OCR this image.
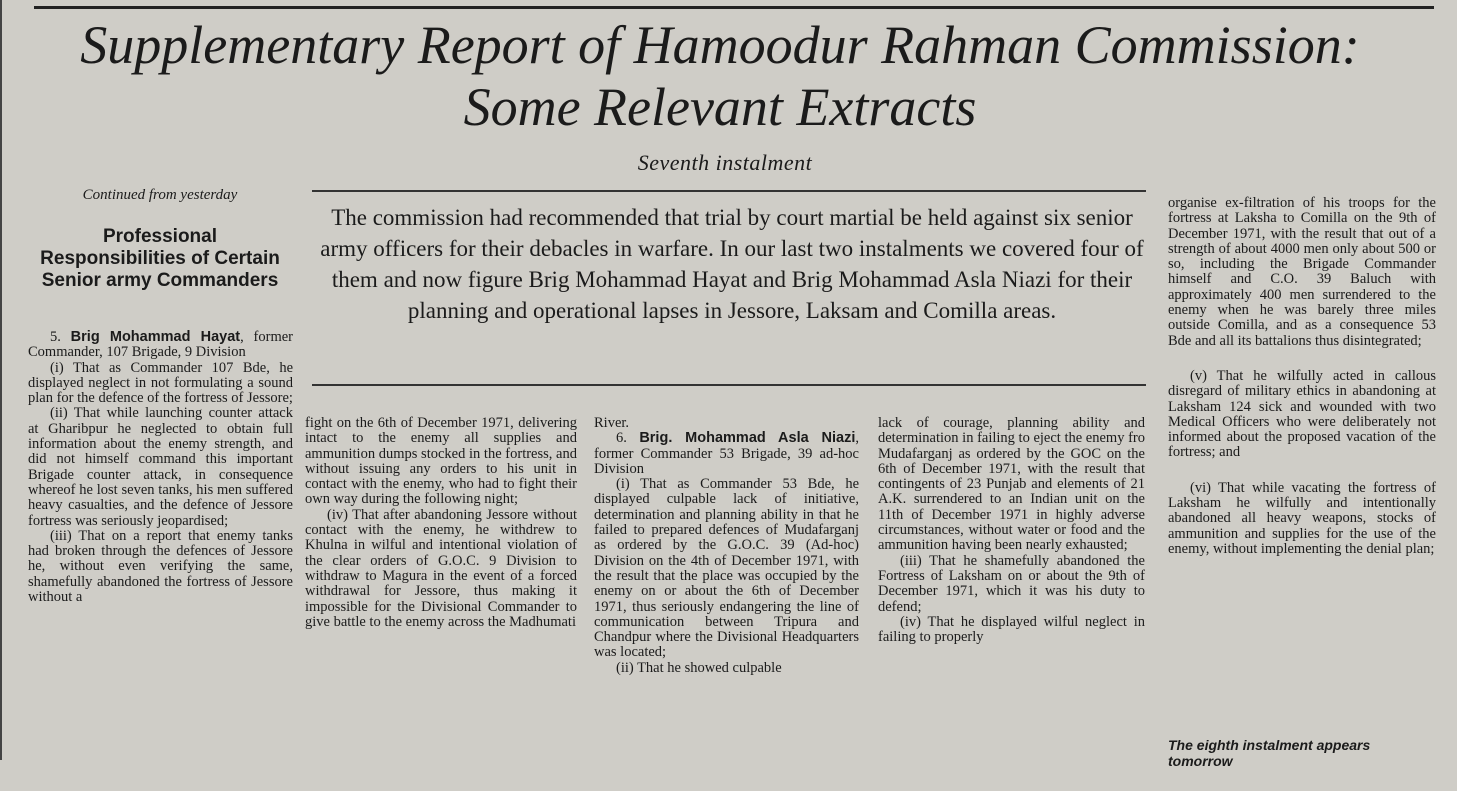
Supplementary Report of Hamoodur Rahman Commission: Some Relevant Extracts
Seventh instalment
Continued from yesterday
Professional Responsibilities of Certain Senior army Commanders

The commission had recommended that trial by court martial be held against six senior army officers for their debacles in warfare. In our last two instalments we covered four of them and now figure Brig Mohammad Hayat and Brig Mohammad Asla Niazi for their planning and operational lapses in Jessore, Laksam and Comilla areas.

5. Brig Mohammad Hayat, former Commander, 107 Brigade, 9 Division

(i) That as Commander 107 Bde, he displayed neglect in not formulating a sound plan for the defence of the fortress of Jessore;

(ii) That while launching counter attack at Gharibpur he neglected to obtain full information about the enemy strength, and did not himself command this important Brigade counter attack, in consequence whereof he lost seven tanks, his men suffered heavy casualties, and the defence of Jessore fortress was seriously jeopardised;

(iii) That on a report that enemy tanks had broken through the defences of Jessore he, without even verifying the same, shamefully abandoned the fortress of Jessore without a

fight on the 6th of December 1971, delivering intact to the enemy all supplies and ammunition dumps stocked in the fortress, and without issuing any orders to his unit in contact with the enemy, who had to fight their own way during the following night;

(iv) That after abandoning Jessore without contact with the enemy, he withdrew to Khulna in wilful and intentional violation of the clear orders of G.O.C. 9 Division to withdraw to Magura in the event of a forced withdrawal for Jessore, thus making it impossible for the Divisional Commander to give battle to the enemy across the Madhumati

River.

6. Brig. Mohammad Asla Niazi, former Commander 53 Brigade, 39 ad-hoc Division

(i) That as Commander 53 Bde, he displayed culpable lack of initiative, determination and planning ability in that he failed to prepared defences of Mudafarganj as ordered by the G.O.C. 39 (Ad-hoc) Division on the 4th of December 1971, with the result that the place was occupied by the enemy on or about the 6th of December 1971, thus seriously endangering the line of communication between Tripura and Chandpur where the Divisional Headquarters was located;

(ii) That he showed culpable

lack of courage, planning ability and determination in failing to eject the enemy fro Mudafarganj as ordered by the GOC on the 6th of December 1971, with the result that contingents of 23 Punjab and elements of 21 A.K. surrendered to an Indian unit on the 11th of December 1971 in highly adverse circumstances, without water or food and the ammunition having been nearly exhausted;

(iii) That he shamefully abandoned the Fortress of Laksham on or about the 9th of December 1971, which it was his duty to defend;

(iv) That he displayed wilful neglect in failing to properly

organise ex-filtration of his troops for the fortress at Laksha to Comilla on the 9th of December 1971, with the result that out of a strength of about 4000 men only about 500 or so, including the Brigade Commander himself and C.O. 39 Baluch with approximately 400 men surrendered to the enemy when he was barely three miles outside Comilla, and as a consequence 53 Bde and all its battalions thus disintegrated;

(v) That he wilfully acted in callous disregard of military ethics in abandoning at Laksham 124 sick and wounded with two Medical Officers who were deliberately not informed about the proposed vacation of the fortress; and

(vi) That while vacating the fortress of Laksham he wilfully and intentionally abandoned all heavy weapons, stocks of ammunition and supplies for the use of the enemy, without implementing the denial plan;

The eighth instalment appears tomorrow
